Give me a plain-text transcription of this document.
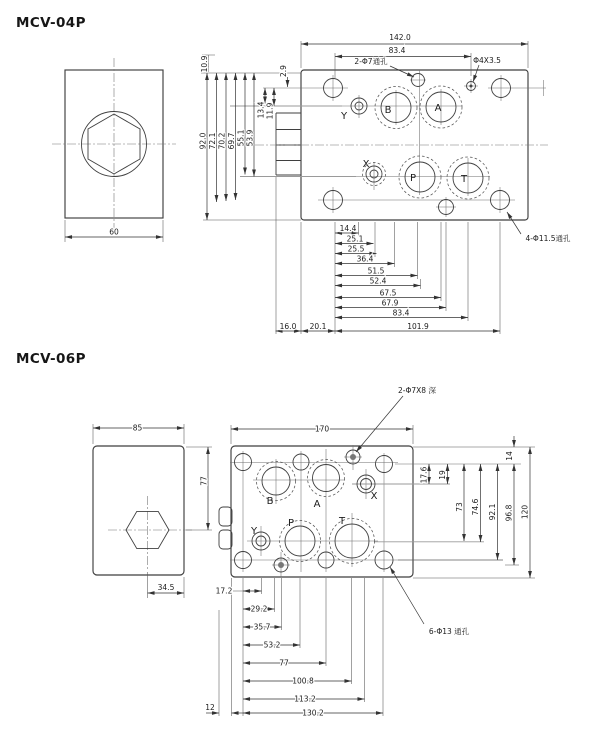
MCV-04P
60
Y
B	A
X
P	T
142.0
83.4
2-Φ7通孔	Φ4X3.5
4-Φ11.5通孔
92.0 72.1 70.2 69.7 55.1 53.9
10.9
13.4 11.9
2.9
14.4
25.1
25.5
36.4
51.5
52.4
67.5
67.9
83.4
101.9
16.0 20.1
MCV-06P
85
77
34.5
B	A
X
Y
P	T
170
2-Φ7X8 深
6-Φ13 通孔
14
17.6 19
73 74.6 92.1 96.8 120
17.2
29.2
35.7
53.2
77
100.8
113.2
130.2
12
